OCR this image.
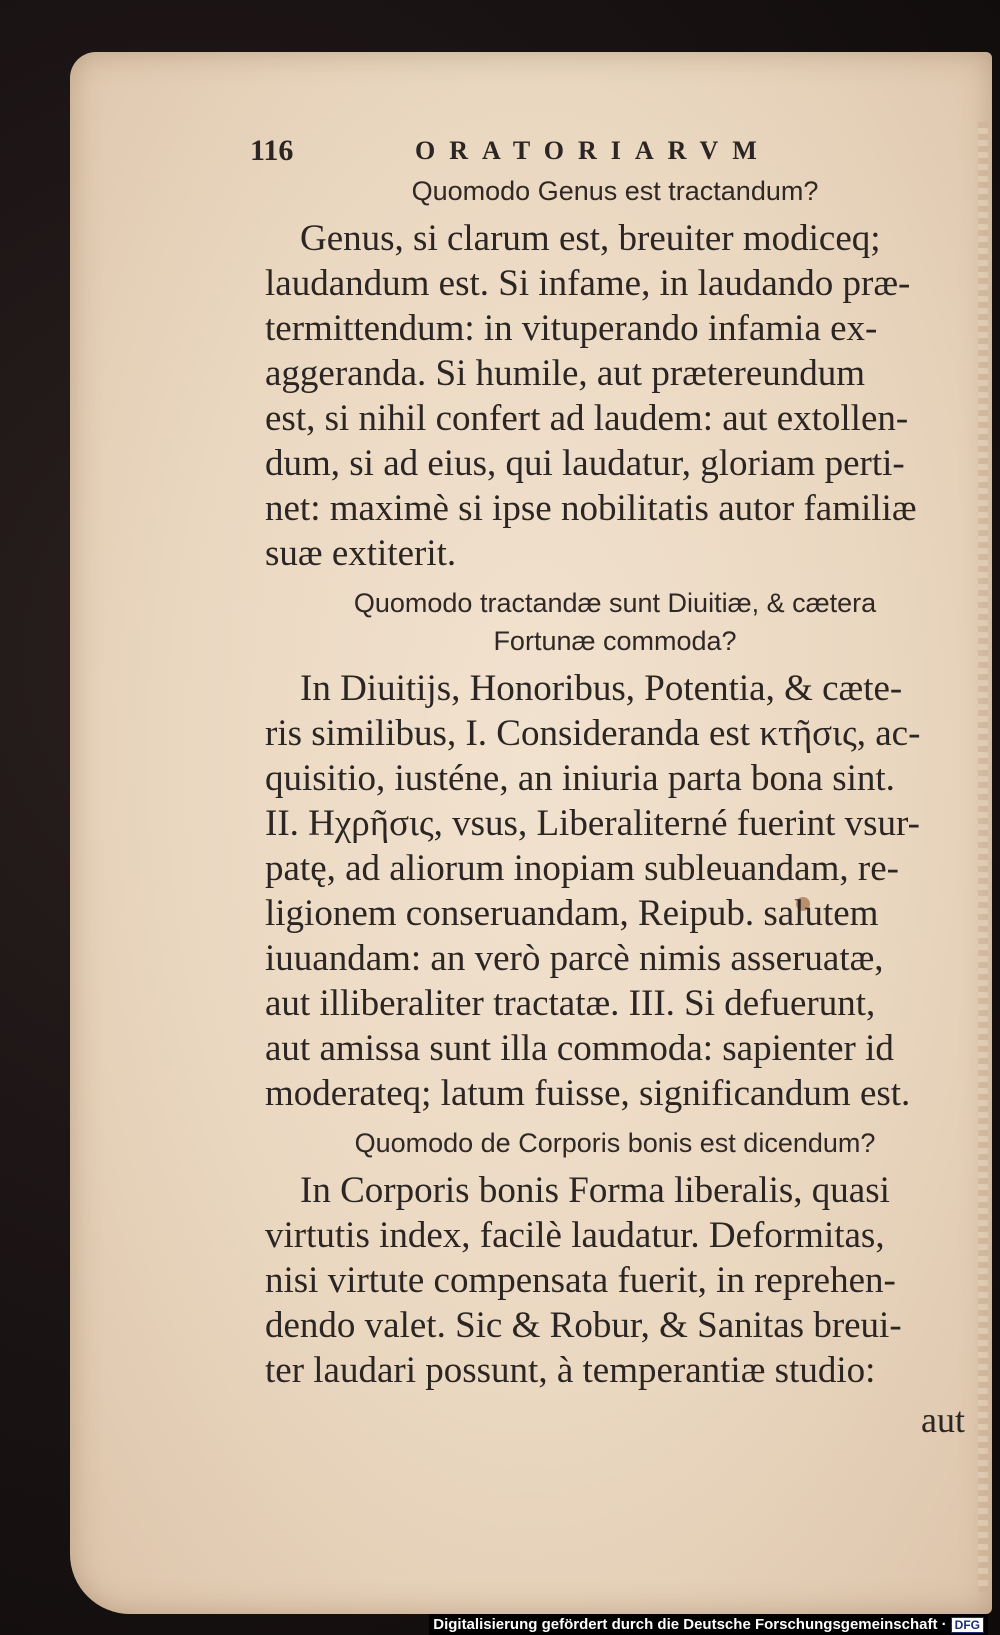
116	ORATORIARVM

Quomodo Genus est tractandum?

Genus, si clarum est, breuiter modiceq;
laudandum est. Si infame, in laudando præ-
termittendum: in vituperando infamia ex-
aggeranda. Si humile, aut prætereundum
est, si nihil confert ad laudem: aut extollen-
dum, si ad eius, qui laudatur, gloriam perti-
net: maximè si ipse nobilitatis autor familiæ
suæ extiterit.

Quomodo tractandæ sunt Diuitiæ, & cætera

Fortunæ commoda?

In Diuitijs, Honoribus, Potentia, & cæte-
ris similibus, I. Consideranda est κτῆσις, ac-
quisitio, iusténe, an iniuria parta bona sint.
II. Ηχρῆσις, vsus, Liberaliterné fuerint vsur-
patę, ad aliorum inopiam subleuandam, re-
ligionem conseruandam, Reipub. salutem
iuuandam: an verò parcè nimis asseruatæ,
aut illiberaliter tractatæ. III. Si defuerunt,
aut amissa sunt illa commoda: sapienter id
moderateq; latum fuisse, significandum est.

Quomodo de Corporis bonis est dicendum?

In Corporis bonis Forma liberalis, quasi
virtutis index, facilè laudatur. Deformitas,
nisi virtute compensata fuerit, in reprehen-
dendo valet. Sic & Robur, & Sanitas breui-
ter laudari possunt, à temperantiæ studio:
aut
Digitalisierung gefördert durch die Deutsche Forschungsgemeinschaft · DFG
